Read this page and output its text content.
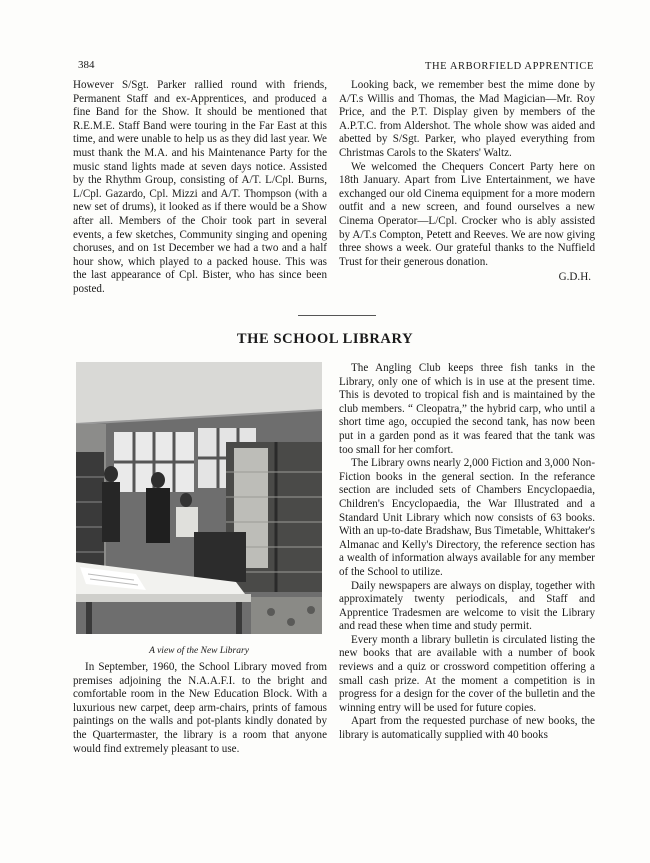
384	THE ARBORFIELD APPRENTICE

However S/Sgt. Parker rallied round with friends, Permanent Staff and ex-Apprentices, and produced a fine Band for the Show. It should be mentioned that R.E.M.E. Staff Band were touring in the Far East at this time, and were unable to help us as they did last year. We must thank the M.A. and his Maintenance Party for the music stand lights made at seven days notice. Assisted by the Rhythm Group, consisting of A/T. L/Cpl. Burns, L/Cpl. Gazardo, Cpl. Mizzi and A/T. Thompson (with a new set of drums), it looked as if there would be a Show after all. Members of the Choir took part in several events, a few sketches, Community singing and opening choruses, and on 1st December we had a two and a half hour show, which played to a packed house. This was the last appearance of Cpl. Bister, who has since been posted.

Looking back, we remember best the mime done by A/T.s Willis and Thomas, the Mad Magician—Mr. Roy Price, and the P.T. Display given by members of the A.P.T.C. from Aldershot. The whole show was aided and abetted by S/Sgt. Parker, who played everything from Christmas Carols to the Skaters' Waltz.

We welcomed the Chequers Concert Party here on 18th January. Apart from Live Entertainment, we have exchanged our old Cinema equipment for a more modern outfit and a new screen, and found ourselves a new Cinema Operator—L/Cpl. Crocker who is ably assisted by A/T.s Compton, Petett and Reeves. We are now giving three shows a week. Our grateful thanks to the Nuffield Trust for their generous donation.

G.D.H.
THE SCHOOL LIBRARY
A view of the New Library

In September, 1960, the School Library moved from premises adjoining the N.A.A.F.I. to the bright and comfortable room in the New Education Block. With a luxurious new carpet, deep arm-chairs, prints of famous paintings on the walls and pot-plants kindly donated by the Quartermaster, the library is a room that anyone would find extremely pleasant to use.

The Angling Club keeps three fish tanks in the Library, only one of which is in use at the present time. This is devoted to tropical fish and is maintained by the club members. “ Cleopatra,” the hybrid carp, who until a short time ago, occupied the second tank, has now been put in a garden pond as it was feared that the tank was too small for her comfort.

The Library owns nearly 2,000 Fiction and 3,000 Non-Fiction books in the general section. In the referance section are included sets of Chambers Encyclopaedia, Children's Encyclopaedia, the War Illustrated and a Standard Unit Library which now consists of 63 books. With an up-to-date Bradshaw, Bus Timetable, Whittaker's Almanac and Kelly's Directory, the reference section has a wealth of information always available for any member of the School to utilize.

Daily newspapers are always on display, together with approximately twenty periodicals, and Staff and Apprentice Tradesmen are welcome to visit the Library and read these when time and study permit.

Every month a library bulletin is circulated listing the new books that are available with a number of book reviews and a quiz or crossword competition offering a small cash prize. At the moment a competition is in progress for a design for the cover of the bulletin and the winning entry will be used for future copies.

Apart from the requested purchase of new books, the library is automatically supplied with 40 books
